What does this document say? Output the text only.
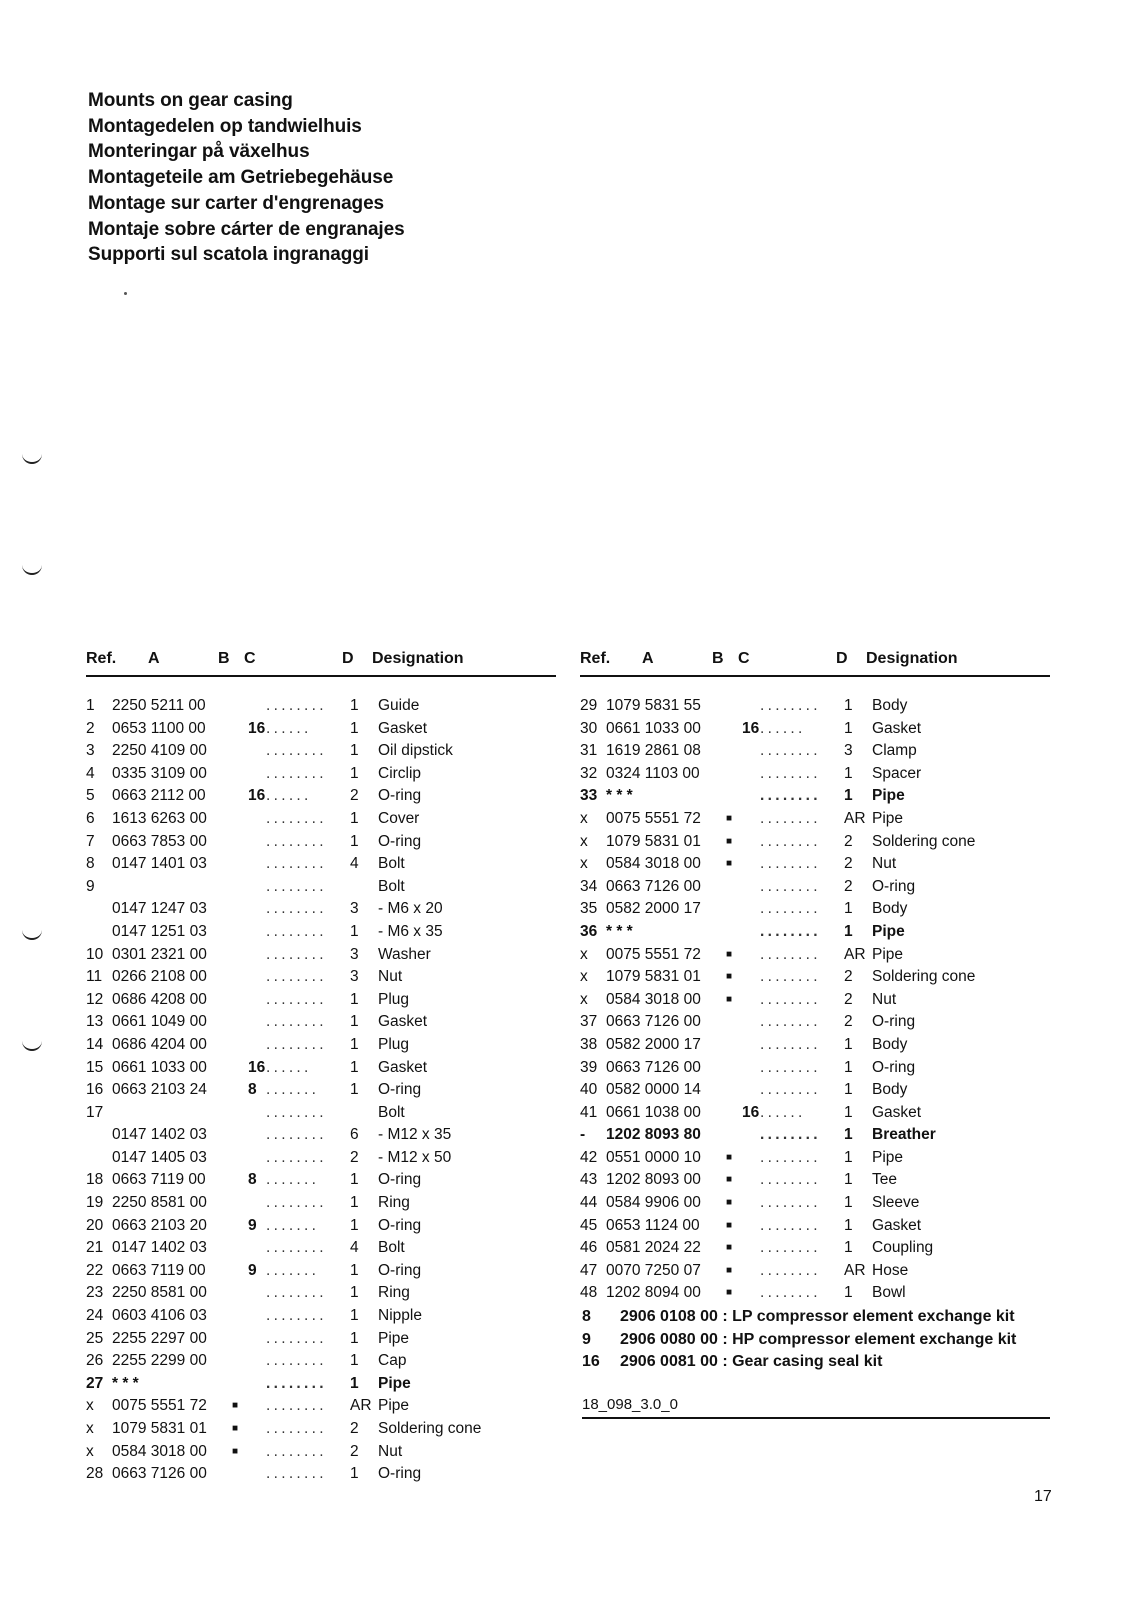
Mounts on gear casing
Montagedelen op tandwielhuis
Monteringar på växelhus
Montageteile am Getriebegehäuse
Montage sur carter d'engrenages
Montaje sobre cárter de engranajes
Supporti sul scatola ingranaggi
Ref. A	B C	D Designation
1 2250 5211 00	........	1 Guide
2 0653 1100 00	16 ......	1 Gasket
3 2250 4109 00	........	1 Oil dipstick
4 0335 3109 00	........	1 Circlip
5 0663 2112 00	16 ......	2 O-ring
6 1613 6263 00	........	1 Cover
7 0663 7853 00	........	1 O-ring
8 0147 1401 03	........	4 Bolt
9	........	Bolt
0147 1247 03	........	3 - M6 x 20
0147 1251 03	........	1 - M6 x 35
10 0301 2321 00	........	3 Washer
11 0266 2108 00	........	3 Nut
12 0686 4208 00	........	1 Plug
13 0661 1049 00	........	1 Gasket
14 0686 4204 00	........	1 Plug
15 0661 1033 00	16 ......	1 Gasket
16 0663 2103 24	8 .......	1 O-ring
17	........	Bolt
0147 1402 03	........	6 - M12 x 35
0147 1405 03	........	2 - M12 x 50
18 0663 7119 00	8 .......	1 O-ring
19 2250 8581 00	........	1 Ring
20 0663 2103 20	9 .......	1 O-ring
21 0147 1402 03	........	4 Bolt
22 0663 7119 00	9 .......	1 O-ring
23 2250 8581 00	........	1 Ring
24 0603 4106 03	........	1 Nipple
25 2255 2297 00	........	1 Pipe
26 2255 2299 00	........	1 Cap
27 * * *	........	1 Pipe
x 0075 5551 72	■ ........	AR Pipe
x 1079 5831 01	■ ........	2 Soldering cone
x 0584 3018 00	■ ........	2 Nut
28 0663 7126 00	........	1 O-ring
Ref. A	B C	D Designation
29 1079 5831 55	........	1 Body
30 0661 1033 00	16 ......	1 Gasket
31 1619 2861 08	........	3 Clamp
32 0324 1103 00	........	1 Spacer
33 * * *	........	1 Pipe
x 0075 5551 72	■ ........	AR Pipe
x 1079 5831 01	■ ........	2 Soldering cone
x 0584 3018 00	■ ........	2 Nut
34 0663 7126 00	........	2 O-ring
35 0582 2000 17	........	1 Body
36 * * *	........	1 Pipe
x 0075 5551 72	■ ........	AR Pipe
x 1079 5831 01	■ ........	2 Soldering cone
x 0584 3018 00	■ ........	2 Nut
37 0663 7126 00	........	2 O-ring
38 0582 2000 17	........	1 Body
39 0663 7126 00	........	1 O-ring
40 0582 0000 14	........	1 Body
41 0661 1038 00	16 ......	1 Gasket
- 1202 8093 80	........	1 Breather
42 0551 0000 10	■ ........	1 Pipe
43 1202 8093 00	■ ........	1 Tee
44 0584 9906 00	■ ........	1 Sleeve
45 0653 1124 00	■ ........	1 Gasket
46 0581 2024 22	■ ........	1 Coupling
47 0070 7250 07	■ ........	AR Hose
48 1202 8094 00	■ ........	1 Bowl
8 2906 0108 00 : LP compressor element exchange kit
9 2906 0080 00 : HP compressor element exchange kit
16 2906 0081 00 : Gear casing seal kit
18_098_3.0_0
17
